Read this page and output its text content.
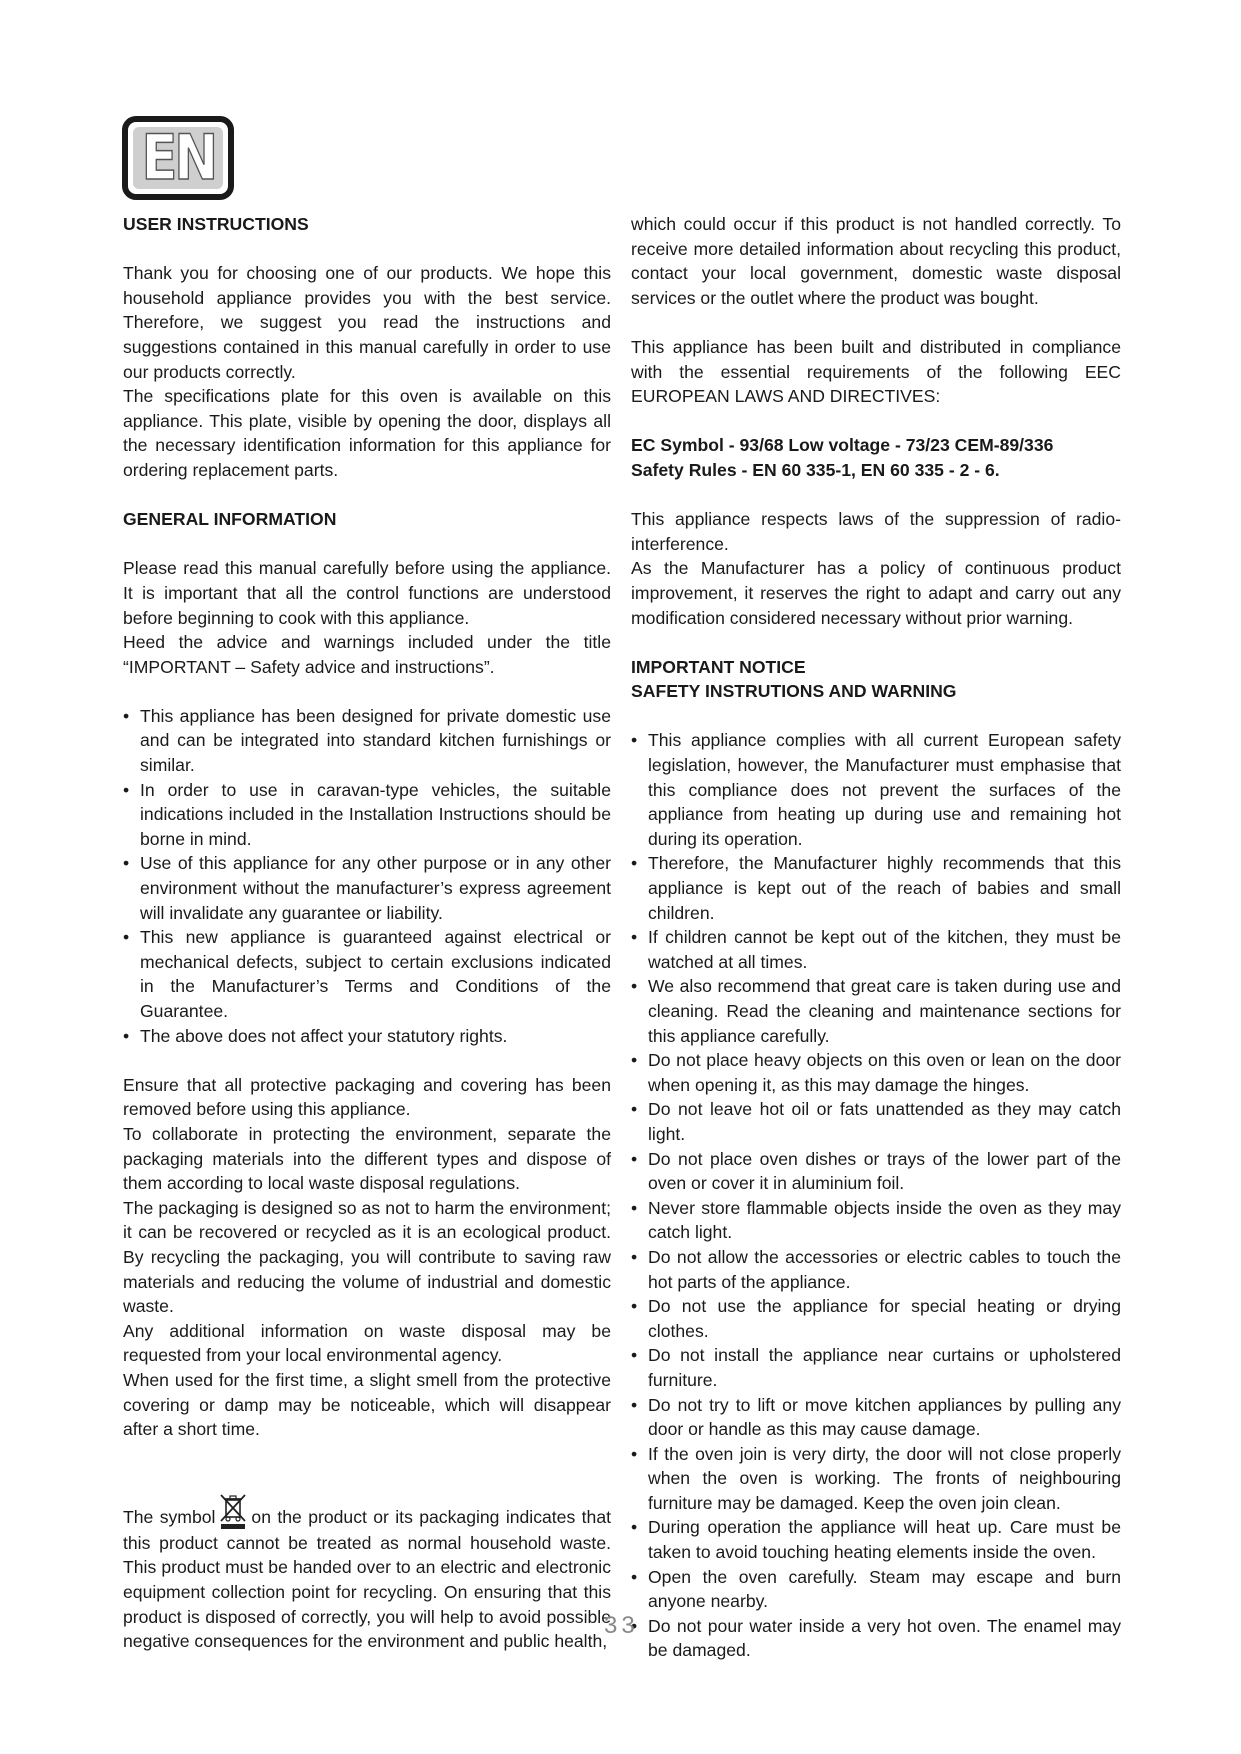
EN

USER INSTRUCTIONS

Thank you for choosing one of our products. We hope this household appliance provides you with the best service. Therefore, we suggest you read the instructions and suggestions contained in this manual carefully in order to use our products correctly.

The specifications plate for this oven is available on this appliance. This plate, visible by opening the door, displays all the necessary identification information for this appliance for ordering replacement parts.

GENERAL INFORMATION

Please read this manual carefully before using the appliance. It is important that all the control functions are understood before beginning to cook with this appliance.

Heed the advice and warnings included under the title “IMPORTANT – Safety advice and instructions”.

• This appliance has been designed for private domestic use and can be integrated into standard kitchen furnishings or similar.
• In order to use in caravan-type vehicles, the suitable indications included in the Installation Instructions should be borne in mind.
• Use of this appliance for any other purpose or in any other environment without the manufacturer’s express agreement will invalidate any guarantee or liability.
• This new appliance is guaranteed against electrical or mechanical defects, subject to certain exclusions indicated in the Manufacturer’s Terms and Conditions of the Guarantee.
• The above does not affect your statutory rights.

Ensure that all protective packaging and covering has been removed before using this appliance.

To collaborate in protecting the environment, separate the packaging materials into the different types and dispose of them according to local waste disposal regulations.

The packaging is designed so as not to harm the environment; it can be recovered or recycled as it is an ecological product. By recycling the packaging, you will contribute to saving raw materials and reducing the volume of industrial and domestic waste.

Any additional information on waste disposal may be requested from your local environmental agency.

When used for the first time, a slight smell from the protective covering or damp may be noticeable, which will disappear after a short time.

The symbol on the product or its packaging indicates that this product cannot be treated as normal household waste. This product must be handed over to an electric and electronic equipment collection point for recycling. On ensuring that this product is disposed of correctly, you will help to avoid possible negative consequences for the environment and public health,

which could occur if this product is not handled correctly. To receive more detailed information about recycling this product, contact your local government, domestic waste disposal services or the outlet where the product was bought.

This appliance has been built and distributed in compliance with the essential requirements of the following EEC EUROPEAN LAWS AND DIRECTIVES:

EC Symbol - 93/68 Low voltage - 73/23 CEM-89/336

Safety Rules - EN 60 335-1, EN 60 335 - 2 - 6.

This appliance respects laws of the suppression of radio-interference.

As the Manufacturer has a policy of continuous product improvement, it reserves the right to adapt and carry out any modification considered necessary without prior warning.

IMPORTANT NOTICE

SAFETY INSTRUTIONS AND WARNING

• This appliance complies with all current European safety legislation, however, the Manufacturer must emphasise that this compliance does not prevent the surfaces of the appliance from heating up during use and remaining hot during its operation.
• Therefore, the Manufacturer highly recommends that this appliance is kept out of the reach of babies and small children.
• If children cannot be kept out of the kitchen, they must be watched at all times.
• We also recommend that great care is taken during use and cleaning. Read the cleaning and maintenance sections for this appliance carefully.
• Do not place heavy objects on this oven or lean on the door when opening it, as this may damage the hinges.
• Do not leave hot oil or fats unattended as they may catch light.
• Do not place oven dishes or trays of the lower part of the oven or cover it in aluminium foil.
• Never store flammable objects inside the oven as they may catch light.
• Do not allow the accessories or electric cables to touch the hot parts of the appliance.
• Do not use the appliance for special heating or drying clothes.
• Do not install the appliance near curtains or upholstered furniture.
• Do not try to lift or move kitchen appliances by pulling any door or handle as this may cause damage.
• If the oven join is very dirty, the door will not close properly when the oven is working. The fronts of neighbouring furniture may be damaged. Keep the oven join clean.
• During operation the appliance will heat up. Care must be taken to avoid touching heating elements inside the oven.
• Open the oven carefully. Steam may escape and burn anyone nearby.
• Do not pour water inside a very hot oven. The enamel may be damaged.
33
